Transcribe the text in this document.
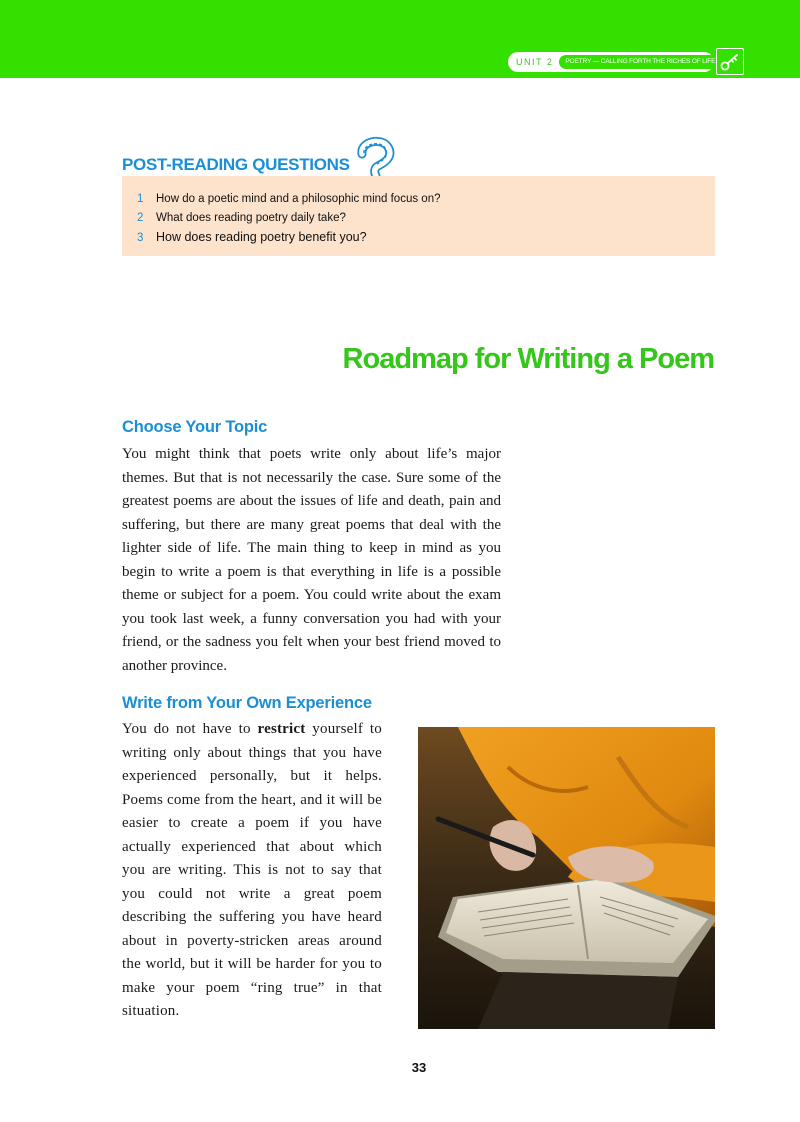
UNIT 2	POETRY — CALLING FORTH THE RICHES OF LIFE
POST-READING QUESTIONS
1 How do a poetic mind and a philosophic mind focus on?
2 What does reading poetry daily take?
3 How does reading poetry benefit you?
Roadmap for Writing a Poem
Choose Your Topic

You might think that poets write only about life’s major themes. But that is not necessarily the case. Sure some of the greatest poems are about the issues of life and death, pain and suffering, but there are many great poems that deal with the lighter side of life. The main thing to keep in mind as you begin to write a poem is that everything in life is a possible theme or subject for a poem. You could write about the exam you took last week, a funny conversation you had with your friend, or the sadness you felt when your best friend moved to another province.

Write from Your Own Experience

You do not have to restrict yourself to writing only about things that you have experienced personally, but it helps. Poems come from the heart, and it will be easier to create a poem if you have actually experienced that about which you are writing. This is not to say that you could not write a great poem describing the suffering you have heard about in poverty-stricken areas around the world, but it will be harder for you to make your poem “ring true” in that situation.

33
